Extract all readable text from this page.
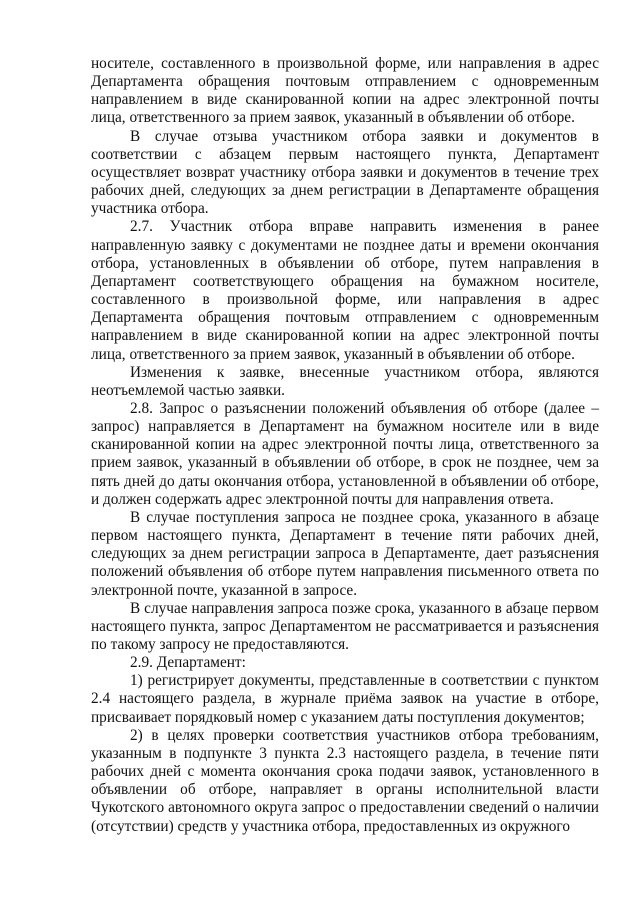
носителе, составленного в произвольной форме, или направления в адрес Департамента обращения почтовым отправлением с одновременным направлением в виде сканированной копии на адрес электронной почты лица, ответственного за прием заявок, указанный в объявлении об отборе.

В случае отзыва участником отбора заявки и документов в соответствии с абзацем первым настоящего пункта, Департамент осуществляет возврат участнику отбора заявки и документов в течение трех рабочих дней, следующих за днем регистрации в Департаменте обращения участника отбора.

2.7. Участник отбора вправе направить изменения в ранее направленную заявку с документами не позднее даты и времени окончания отбора, установленных в объявлении об отборе, путем направления в Департамент соответствующего обращения на бумажном носителе, составленного в произвольной форме, или направления в адрес Департамента обращения почтовым отправлением с одновременным направлением в виде сканированной копии на адрес электронной почты лица, ответственного за прием заявок, указанный в объявлении об отборе.

Изменения к заявке, внесенные участником отбора, являются неотъемлемой частью заявки.

2.8. Запрос о разъяснении положений объявления об отборе (далее – запрос) направляется в Департамент на бумажном носителе или в виде сканированной копии на адрес электронной почты лица, ответственного за прием заявок, указанный в объявлении об отборе, в срок не позднее, чем за пять дней до даты окончания отбора, установленной в объявлении об отборе, и должен содержать адрес электронной почты для направления ответа.

В случае поступления запроса не позднее срока, указанного в абзаце первом настоящего пункта, Департамент в течение пяти рабочих дней, следующих за днем регистрации запроса в Департаменте, дает разъяснения положений объявления об отборе путем направления письменного ответа по электронной почте, указанной в запросе.

В случае направления запроса позже срока, указанного в абзаце первом настоящего пункта, запрос Департаментом не рассматривается и разъяснения по такому запросу не предоставляются.

2.9. Департамент:

1) регистрирует документы, представленные в соответствии с пунктом 2.4 настоящего раздела, в журнале приёма заявок на участие в отборе, присваивает порядковый номер с указанием даты поступления документов;

2) в целях проверки соответствия участников отбора требованиям, указанным в подпункте 3 пункта 2.3 настоящего раздела, в течение пяти рабочих дней с момента окончания срока подачи заявок, установленного в объявлении об отборе, направляет в органы исполнительной власти Чукотского автономного округа запрос о предоставлении сведений о наличии (отсутствии) средств у участника отбора, предоставленных из окружного
